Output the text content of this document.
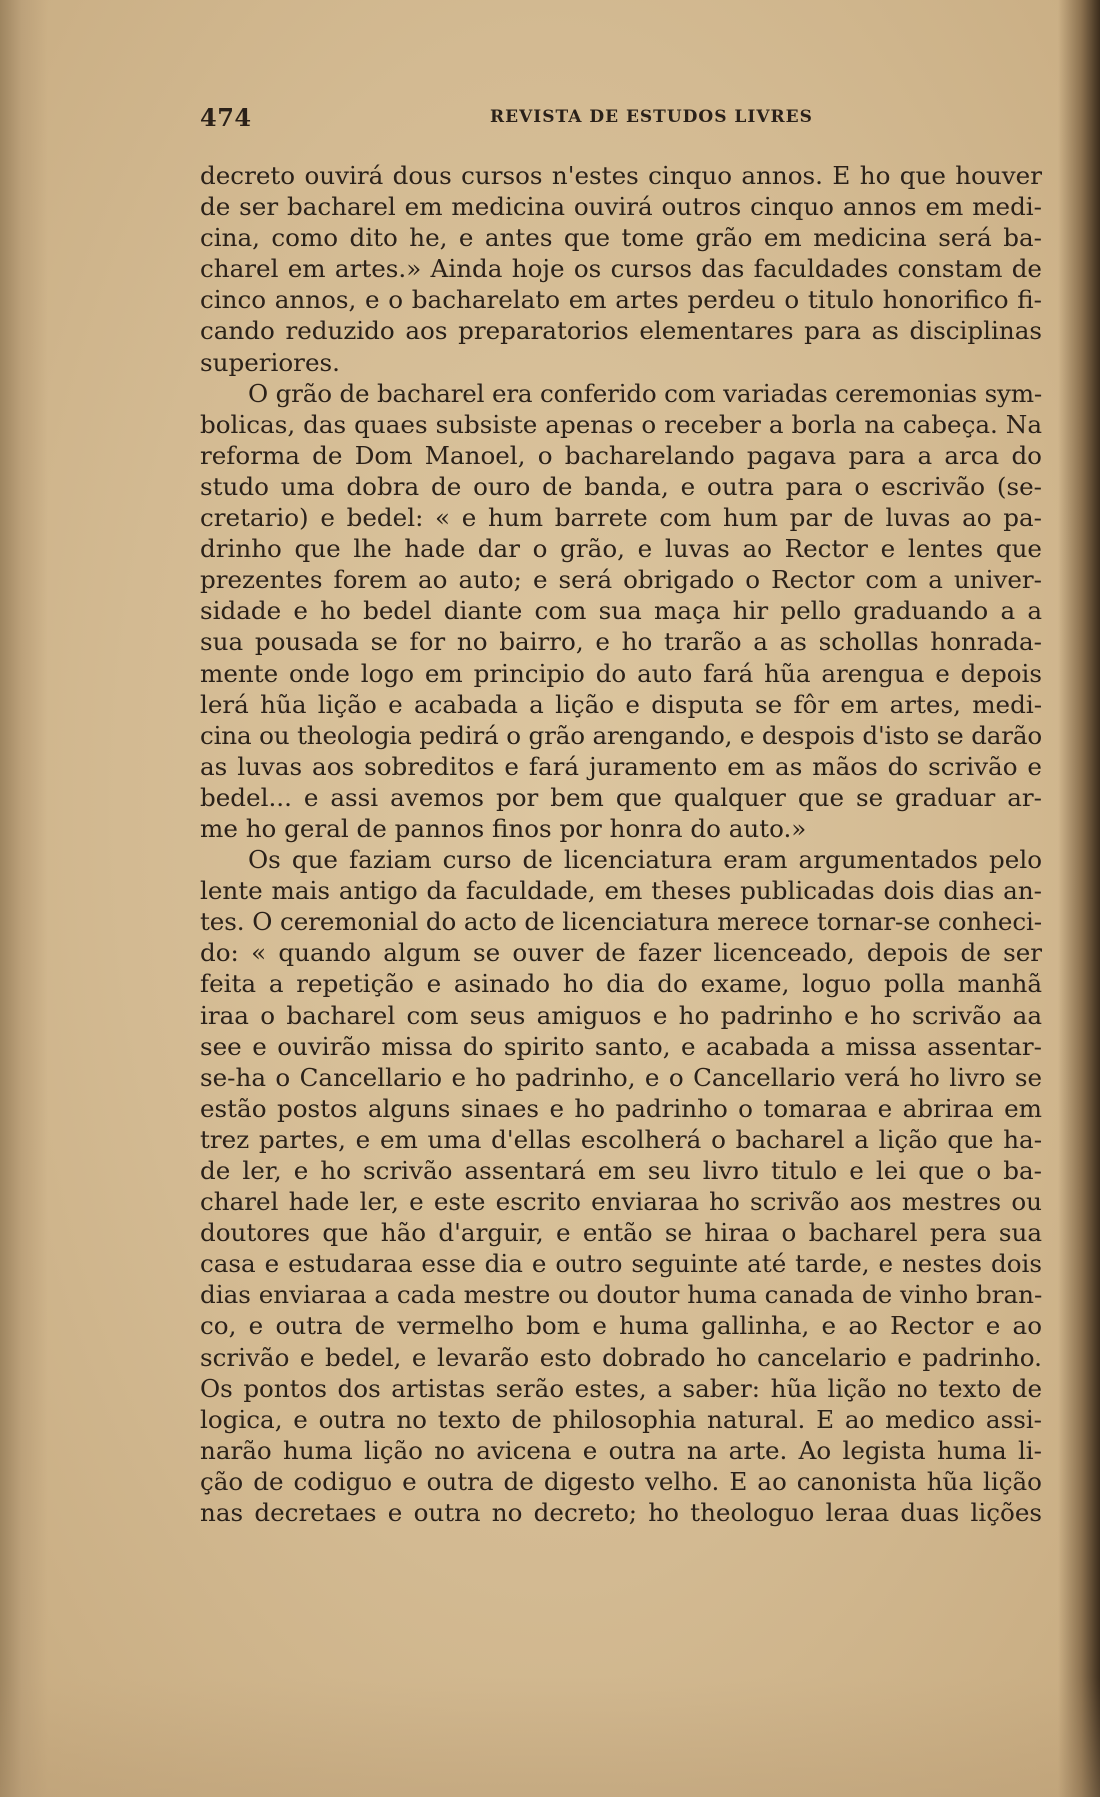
474	REVISTA DE ESTUDOS LIVRES
decreto ouvirá dous cursos n'estes cinquo annos. E ho que houver
de ser bacharel em medicina ouvirá outros cinquo annos em medi-
cina, como dito he, e antes que tome grão em medicina será ba-
charel em artes.» Ainda hoje os cursos das faculdades constam de
cinco annos, e o bacharelato em artes perdeu o titulo honorifico fi-
cando reduzido aos preparatorios elementares para as disciplinas
superiores.
O grão de bacharel era conferido com variadas ceremonias sym-
bolicas, das quaes subsiste apenas o receber a borla na cabeça. Na
reforma de Dom Manoel, o bacharelando pagava para a arca do
studo uma dobra de ouro de banda, e outra para o escrivão (se-
cretario) e bedel: « e hum barrete com hum par de luvas ao pa-
drinho que lhe hade dar o grão, e luvas ao Rector e lentes que
prezentes forem ao auto; e será obrigado o Rector com a univer-
sidade e ho bedel diante com sua maça hir pello graduando a a
sua pousada se for no bairro, e ho trarão a as schollas honrada-
mente onde logo em principio do auto fará hũa arengua e depois
lerá hũa lição e acabada a lição e disputa se fôr em artes, medi-
cina ou theologia pedirá o grão arengando, e despois d'isto se darão
as luvas aos sobreditos e fará juramento em as mãos do scrivão e
bedel... e assi avemos por bem que qualquer que se graduar ar-
me ho geral de pannos finos por honra do auto.»
Os que faziam curso de licenciatura eram argumentados pelo
lente mais antigo da faculdade, em theses publicadas dois dias an-
tes. O ceremonial do acto de licenciatura merece tornar-se conheci-
do: « quando algum se ouver de fazer licenceado, depois de ser
feita a repetição e asinado ho dia do exame, loguo polla manhã
iraa o bacharel com seus amiguos e ho padrinho e ho scrivão aa
see e ouvirão missa do spirito santo, e acabada a missa assentar-
se-ha o Cancellario e ho padrinho, e o Cancellario verá ho livro se
estão postos alguns sinaes e ho padrinho o tomaraa e abriraa em
trez partes, e em uma d'ellas escolherá o bacharel a lição que ha-
de ler, e ho scrivão assentará em seu livro titulo e lei que o ba-
charel hade ler, e este escrito enviaraa ho scrivão aos mestres ou
doutores que hão d'arguir, e então se hiraa o bacharel pera sua
casa e estudaraa esse dia e outro seguinte até tarde, e nestes dois
dias enviaraa a cada mestre ou doutor huma canada de vinho bran-
co, e outra de vermelho bom e huma gallinha, e ao Rector e ao
scrivão e bedel, e levarão esto dobrado ho cancelario e padrinho.
Os pontos dos artistas serão estes, a saber: hũa lição no texto de
logica, e outra no texto de philosophia natural. E ao medico assi-
narão huma lição no avicena e outra na arte. Ao legista huma li-
ção de codiguo e outra de digesto velho. E ao canonista hũa lição
nas decretaes e outra no decreto; ho theologuo leraa duas lições
